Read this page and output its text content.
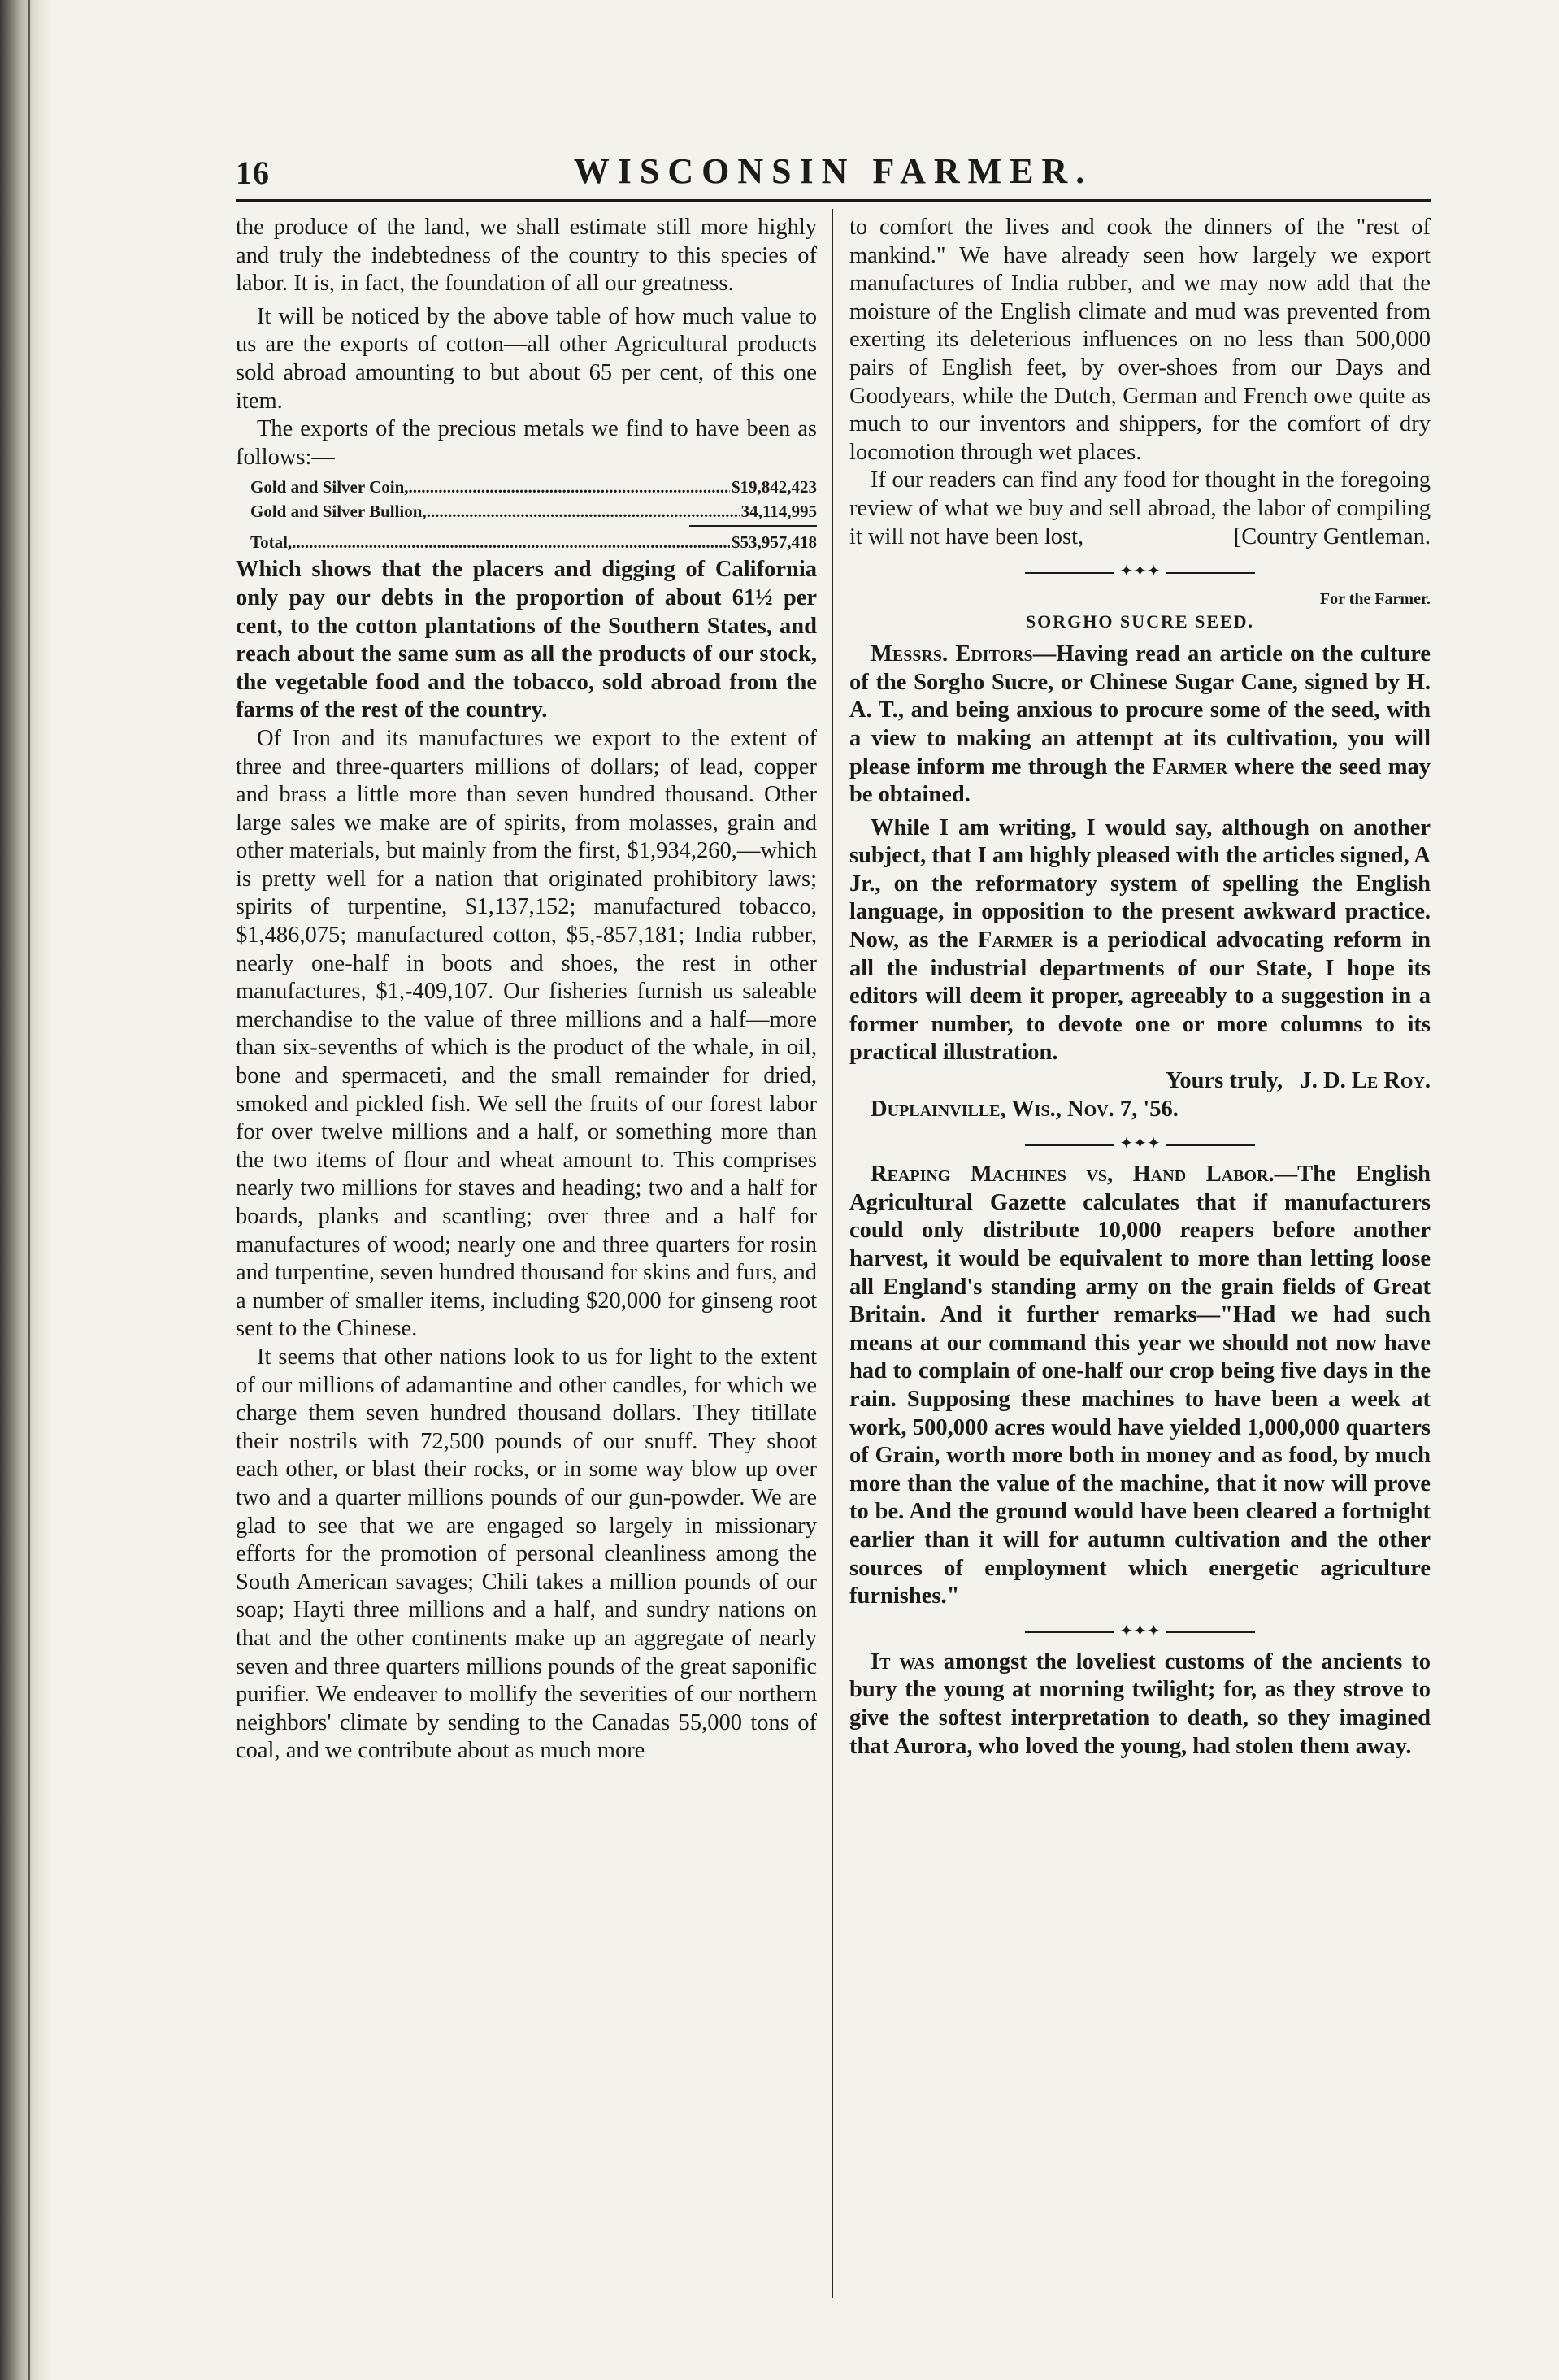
16	WISCONSIN FARMER.

the produce of the land, we shall estimate still more highly and truly the indebtedness of the country to this species of labor. It is, in fact, the foundation of all our greatness.

It will be noticed by the above table of how much value to us are the exports of cotton—all other Agricultural products sold abroad amounting to but about 65 per cent, of this one item.

The exports of the precious metals we find to have been as follows:—

Gold and Silver Coin, .....	$19,842,423
Gold and Silver Bullion, .....	34,114,995
Total, .....	$53,957,418

Which shows that the placers and digging of California only pay our debts in the proportion of about 61½ per cent, to the cotton plantations of the Southern States, and reach about the same sum as all the products of our stock, the vegetable food and the tobacco, sold abroad from the farms of the rest of the country.

Of Iron and its manufactures we export to the extent of three and three-quarters millions of dollars; of lead, copper and brass a little more than seven hundred thousand. Other large sales we make are of spirits, from molasses, grain and other materials, but mainly from the first, $1,934,260,—which is pretty well for a nation that originated prohibitory laws; spirits of turpentine, $1,137,152; manufactured tobacco, $1,486,075; manufactured cotton, $5,-857,181; India rubber, nearly one-half in boots and shoes, the rest in other manufactures, $1,-409,107. Our fisheries furnish us saleable merchandise to the value of three millions and a half—more than six-sevenths of which is the product of the whale, in oil, bone and spermaceti, and the small remainder for dried, smoked and pickled fish. We sell the fruits of our forest labor for over twelve millions and a half, or something more than the two items of flour and wheat amount to. This comprises nearly two millions for staves and heading; two and a half for boards, planks and scantling; over three and a half for manufactures of wood; nearly one and three quarters for rosin and turpentine, seven hundred thousand for skins and furs, and a number of smaller items, including $20,000 for ginseng root sent to the Chinese.

It seems that other nations look to us for light to the extent of our millions of adamantine and other candles, for which we charge them seven hundred thousand dollars. They titillate their nostrils with 72,500 pounds of our snuff. They shoot each other, or blast their rocks, or in some way blow up over two and a quarter millions pounds of our gun-powder. We are glad to see that we are engaged so largely in missionary efforts for the promotion of personal cleanliness among the South American savages; Chili takes a million pounds of our soap; Hayti three millions and a half, and sundry nations on that and the other continents make up an aggregate of nearly seven and three quarters millions pounds of the great saponific purifier. We endeaver to mollify the severities of our northern neighbors' climate by sending to the Canadas 55,000 tons of coal, and we contribute about as much more

to comfort the lives and cook the dinners of the "rest of mankind." We have already seen how largely we export manufactures of India rubber, and we may now add that the moisture of the English climate and mud was prevented from exerting its deleterious influences on no less than 500,000 pairs of English feet, by over-shoes from our Days and Goodyears, while the Dutch, German and French owe quite as much to our inventors and shippers, for the comfort of dry locomotion through wet places.

If our readers can find any food for thought in the foregoing review of what we buy and sell abroad, the labor of compiling it will not have been lost,	[Country Gentleman.

✦✦✦
For the Farmer.
SORGHO SUCRE SEED.

Messrs. Editors—Having read an article on the culture of the Sorgho Sucre, or Chinese Sugar Cane, signed by H. A. T., and being anxious to procure some of the seed, with a view to making an attempt at its cultivation, you will please inform me through the Farmer where the seed may be obtained.

While I am writing, I would say, although on another subject, that I am highly pleased with the articles signed, A Jr., on the reformatory system of spelling the English language, in opposition to the present awkward practice. Now, as the Farmer is a periodical advocating reform in all the industrial departments of our State, I hope its editors will deem it proper, agreeably to a suggestion in a former number, to devote one or more columns to its practical illustration.

Yours truly, J. D. Le Roy.

Duplainville, Wis., Nov. 7, '56.

✦✦✦

Reaping Machines vs, Hand Labor.—The English Agricultural Gazette calculates that if manufacturers could only distribute 10,000 reapers before another harvest, it would be equivalent to more than letting loose all England's standing army on the grain fields of Great Britain. And it further remarks—"Had we had such means at our command this year we should not now have had to complain of one-half our crop being five days in the rain. Supposing these machines to have been a week at work, 500,000 acres would have yielded 1,000,000 quarters of Grain, worth more both in money and as food, by much more than the value of the machine, that it now will prove to be. And the ground would have been cleared a fortnight earlier than it will for autumn cultivation and the other sources of employment which energetic agriculture furnishes."

✦✦✦

It was amongst the loveliest customs of the ancients to bury the young at morning twilight; for, as they strove to give the softest interpretation to death, so they imagined that Aurora, who loved the young, had stolen them away.
